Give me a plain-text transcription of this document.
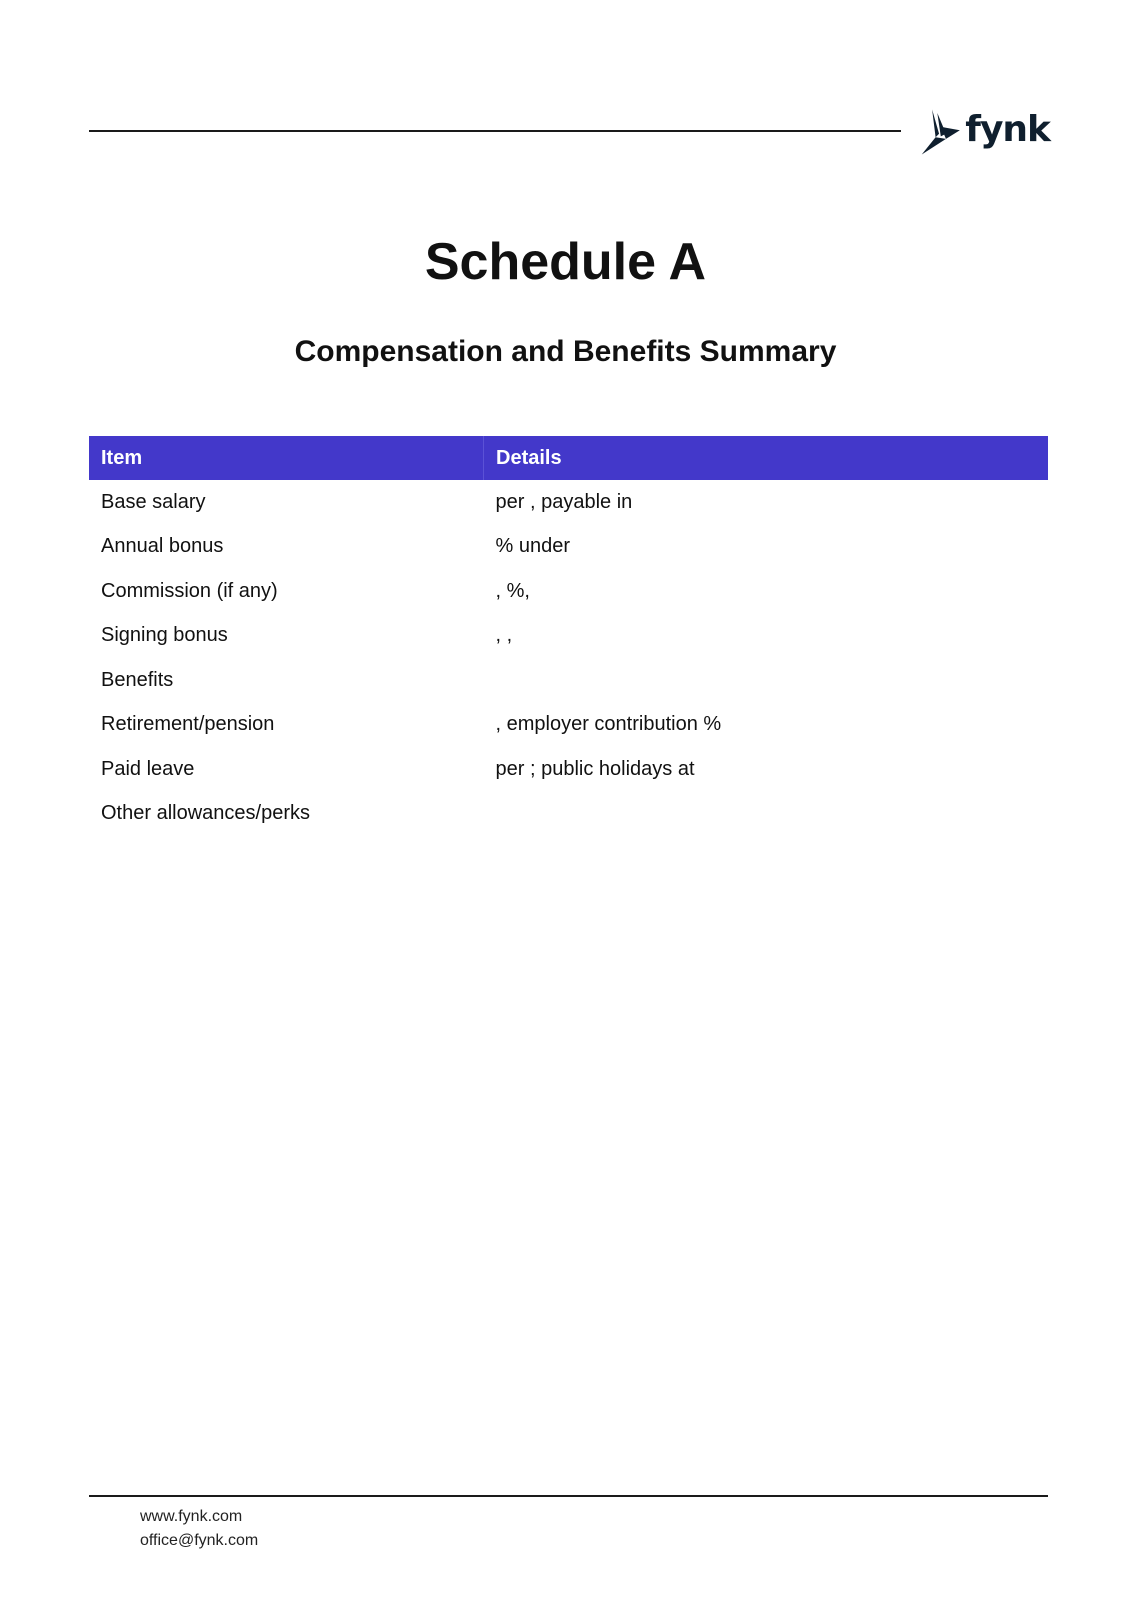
fynk
Schedule A
Compensation and Benefits Summary
Item	Details
Base salary	per , payable in
Annual bonus	% under
Commission (if any)	, %,
Signing bonus	, ,
Benefits	
Retirement/pension	, employer contribution %
Paid leave	per ; public holidays at
Other allowances/perks	
www.fynk.com
office@fynk.com
